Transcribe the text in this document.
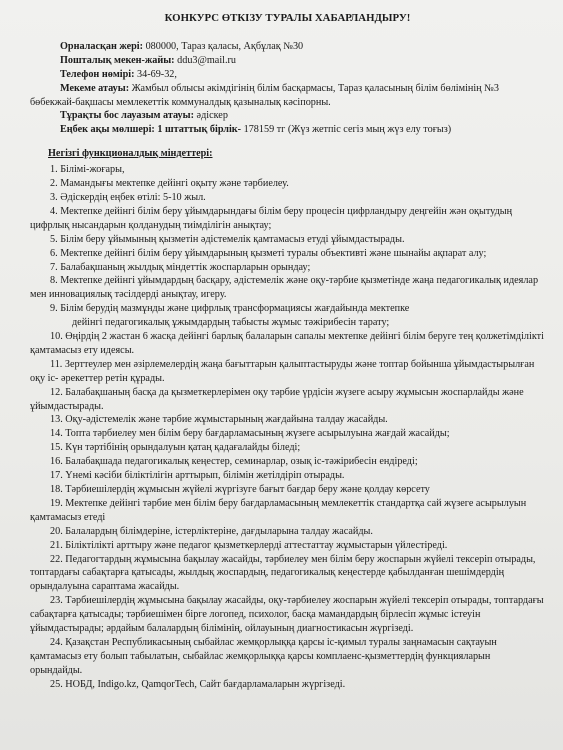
КОНКУРС ӨТКІЗУ ТУРАЛЫ ХАБАРЛАНДЫРУ!

Орналасқан жері: 080000, Тараз қаласы, Ақбұлақ №30

Пошталық мекен-жайы: ddu3@mail.ru

Телефон нөмірі: 34-69-32,

Мекеме атауы: Жамбыл облысы әкімдігінің білім басқармасы, Тараз қаласының білім бөлімінің №3 бөбекжай-бақшасы мемлекеттік коммуналдық қазыналық кәсіпорны.

Тұрақты бос лауазым атауы: әдіскер

Еңбек ақы мөлшері: 1 штаттық бірлік- 178159 тг (Жүз жетпіс сегіз мың жүз елу тоғыз)

Негізгі функционалдық міндеттері:

1. Білімі-жоғары,

2. Мамандығы мектепке дейінгі оқыту және тәрбиелеу.

3. Әдіскердің еңбек өтілі: 5-10 жыл.

4. Мектепке дейінгі білім беру ұйымдарындағы білім беру процесін цифрландыру деңгейін жән оқытудың цифрлық нысандарын қолданудың тиімділігін анықтау;

5. Білім беру ұйымының қызметін әдістемелік қамтамасыз етуді ұйымдастырады.

6. Мектепке дейінгі білім беру ұйымдарының қызметі туралы объективті және шынайы ақпарат алу;

7. Балабақшаның жылдық міндеттік жоспарларын орындау;

8. Мектепке дейінгі ұйымдардың басқару, әдістемелік және оқу-тәрбие қызметінде жаңа педагогикалық идеялар мен инновациялық тәсілдерді анықтау, игеру.

9. Білім берудің мазмұнды және цифрлық трансформациясы жағдайында мектепке

дейінгі педагогикалық ұжымдардың табысты жұмыс тәжірибесін тарату;

10. Өңірдің 2 жастан 6 жасқа дейінгі барлық балаларын сапалы мектепке дейінгі білім беруге тең қолжетімділікті қамтамасыз ету идеясы.

11. Зерттеулер мен әзірлемелердің жаңа бағыттарын қалыптастыруды және топтар бойынша ұйымдастырылған оқу іс- әрекеттер ретін құрады.

12. Балабақшаның басқа да қызметкерлерімен оқу тәрбие үрдісін жүзеге асыру жұмысын жоспарлайды және ұйымдастырады.

13. Оқу-әдістемелік және тәрбие жұмыстарының жағдайына талдау жасайды.

14. Топта тәрбиелеу мен білім беру бағдарламасының жүзеге асырылуына жағдай жасайды;

15. Күн тәртібінің орындалуын қатаң қадағалайды біледі;

16. Балабақшада педагогикалық кеңестер, семинарлар, озық іс-тәжірибесін ендіреді;

17. Үнемі кәсіби біліктілігін арттырып, білімін жетілдіріп отырады.

18. Тәрбиешілердің жұмысын жүйелі жүргізуге бағыт бағдар беру және қолдау көрсету

19. Мектепке дейінгі тәрбие мен білім беру бағдарламасының мемлекеттік стандартқа сай жүзеге асырылуын қамтамасыз етеді

20. Балалардың білімдеріне, істерліктеріне, дағдыларына талдау жасайды.

21. Біліктілікті арттыру және педагог қызметкерлерді аттестаттау жұмыстарын үйлестіреді.

22. Педагогтардың жұмысына бақылау жасайды, тәрбиелеу мен білім беру жоспарын жүйелі тексеріп отырады, топтардағы сабақтарға қатысады, жылдық жоспардың, педагогикалық кеңестерде қабылданған шешімдердің орындалуына сараптама жасайды.

23. Тәрбиешілердің жұмысына бақылау жасайды, оқу-тәрбиелеу жоспарын жүйелі тексеріп отырады, топтардағы сабақтарға қатысады; тәрбиешімен бірге логопед, психолог, басқа мамандардың бірлесіп жұмыс істеуін ұйымдастырады; әрдайым балалардың білімінің, ойлауының диагностикасын жүргізеді.

24. Қазақстан Республикасының сыбайлас жемқорлыққа қарсы іс-қимыл туралы заңнамасын сақтауын қамтамасыз ету болып табылатын, сыбайлас жемқорлыққа қарсы комплаенс-қызметтердің функцияларын орындайды.

25. НОБД, Indigo.kz, QamqorTech, Сайт бағдарламаларын жүргізеді.
